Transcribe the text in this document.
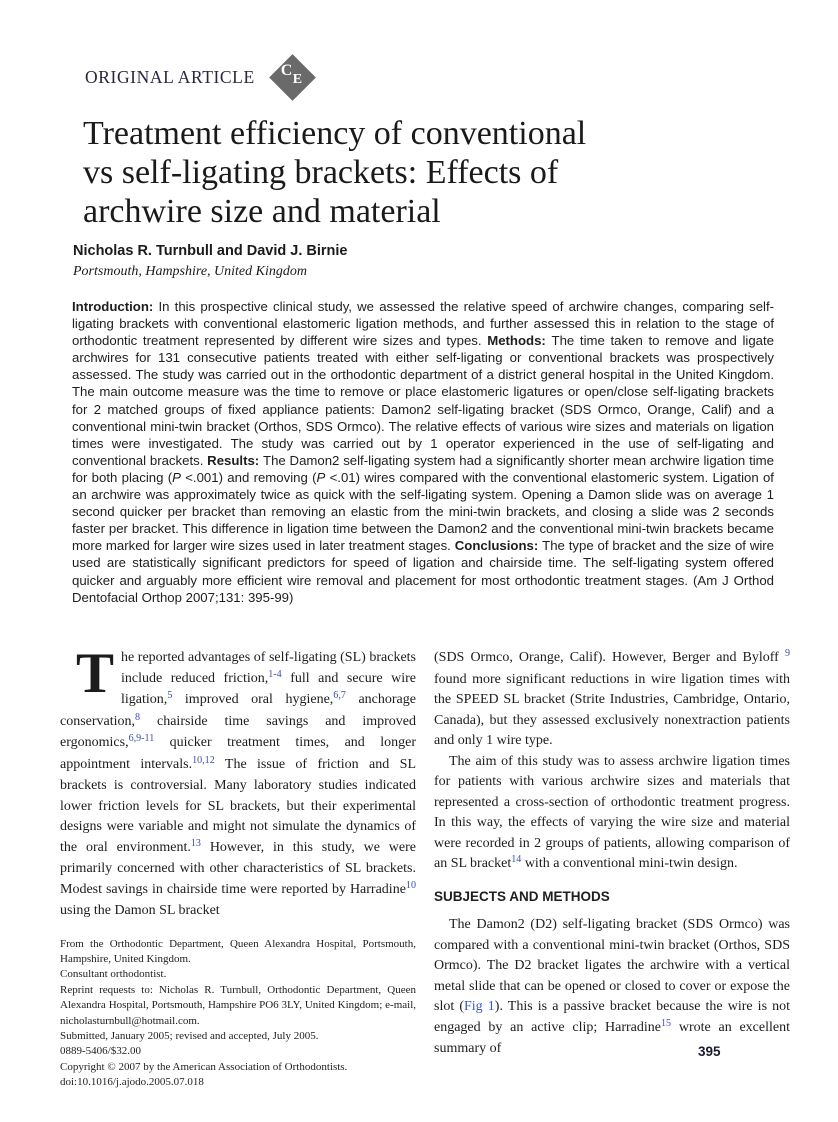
ORIGINAL ARTICLE C
E
Treatment efficiency of conventional
vs self-ligating brackets: Effects of
archwire size and material
Nicholas R. Turnbull and David J. Birnie
Portsmouth, Hampshire, United Kingdom
Introduction: In this prospective clinical study, we assessed the relative speed of archwire changes, comparing self-ligating brackets with conventional elastomeric ligation methods, and further assessed this in relation to the stage of orthodontic treatment represented by different wire sizes and types. Methods: The time taken to remove and ligate archwires for 131 consecutive patients treated with either self-ligating or conventional brackets was prospectively assessed. The study was carried out in the orthodontic department of a district general hospital in the United Kingdom. The main outcome measure was the time to remove or place elastomeric ligatures or open/close self-ligating brackets for 2 matched groups of fixed appliance patients: Damon2 self-ligating bracket (SDS Ormco, Orange, Calif) and a conventional mini-twin bracket (Orthos, SDS Ormco). The relative effects of various wire sizes and materials on ligation times were investigated. The study was carried out by 1 operator experienced in the use of self-ligating and conventional brackets. Results: The Damon2 self-ligating system had a significantly shorter mean archwire ligation time for both placing (P <.001) and removing (P <.01) wires compared with the conventional elastomeric system. Ligation of an archwire was approximately twice as quick with the self-ligating system. Opening a Damon slide was on average 1 second quicker per bracket than removing an elastic from the mini-twin brackets, and closing a slide was 2 seconds faster per bracket. This difference in ligation time between the Damon2 and the conventional mini-twin brackets became more marked for larger wire sizes used in later treatment stages. Conclusions: The type of bracket and the size of wire used are statistically significant predictors for speed of ligation and chairside time. The self-ligating system offered quicker and arguably more efficient wire removal and placement for most orthodontic treatment stages. (Am J Orthod Dentofacial Orthop 2007;131: 395-99)

The reported advantages of self-ligating (SL) brackets include reduced friction,$^{1-4}$ full and secure wire ligation,$^5$ improved oral hygiene,$^{6,7}$ anchorage conservation,$^8$ chairside time savings and improved ergonomics,$^{6,9-11}$ quicker treatment times, and longer appointment intervals.$^{10,12}$ The issue of friction and SL brackets is controversial. Many laboratory studies indicated lower friction levels for SL brackets, but their experimental designs were variable and might not simulate the dynamics of the oral environment.$^{13}$ However, in this study, we were primarily concerned with other characteristics of SL brackets. Modest savings in chairside time were reported by Harradine$^{10}$ using the Damon SL bracket

From the Orthodontic Department, Queen Alexandra Hospital, Portsmouth, Hampshire, United Kingdom.

Consultant orthodontist.

Reprint requests to: Nicholas R. Turnbull, Orthodontic Department, Queen Alexandra Hospital, Portsmouth, Hampshire PO6 3LY, United Kingdom; e-mail, nicholasturnbull@hotmail.com.

Submitted, January 2005; revised and accepted, July 2005.

0889-5406/$32.00

Copyright © 2007 by the American Association of Orthodontists.

doi:10.1016/j.ajodo.2005.07.018

(SDS Ormco, Orange, Calif). However, Berger and Byloff $^9$ found more significant reductions in wire ligation times with the SPEED SL bracket (Strite Industries, Cambridge, Ontario, Canada), but they assessed exclusively nonextraction patients and only 1 wire type.

The aim of this study was to assess archwire ligation times for patients with various archwire sizes and materials that represented a cross-section of orthodontic treatment progress. In this way, the effects of varying the wire size and material were recorded in 2 groups of patients, allowing comparison of an SL bracket$^{14}$ with a conventional mini-twin design.

SUBJECTS AND METHODS

The Damon2 (D2) self-ligating bracket (SDS Ormco) was compared with a conventional mini-twin bracket (Orthos, SDS Ormco). The D2 bracket ligates the archwire with a vertical metal slide that can be opened or closed to cover or expose the slot (Fig 1). This is a passive bracket because the wire is not engaged by an active clip; Harradine$^{15}$ wrote an excellent summary of	395
